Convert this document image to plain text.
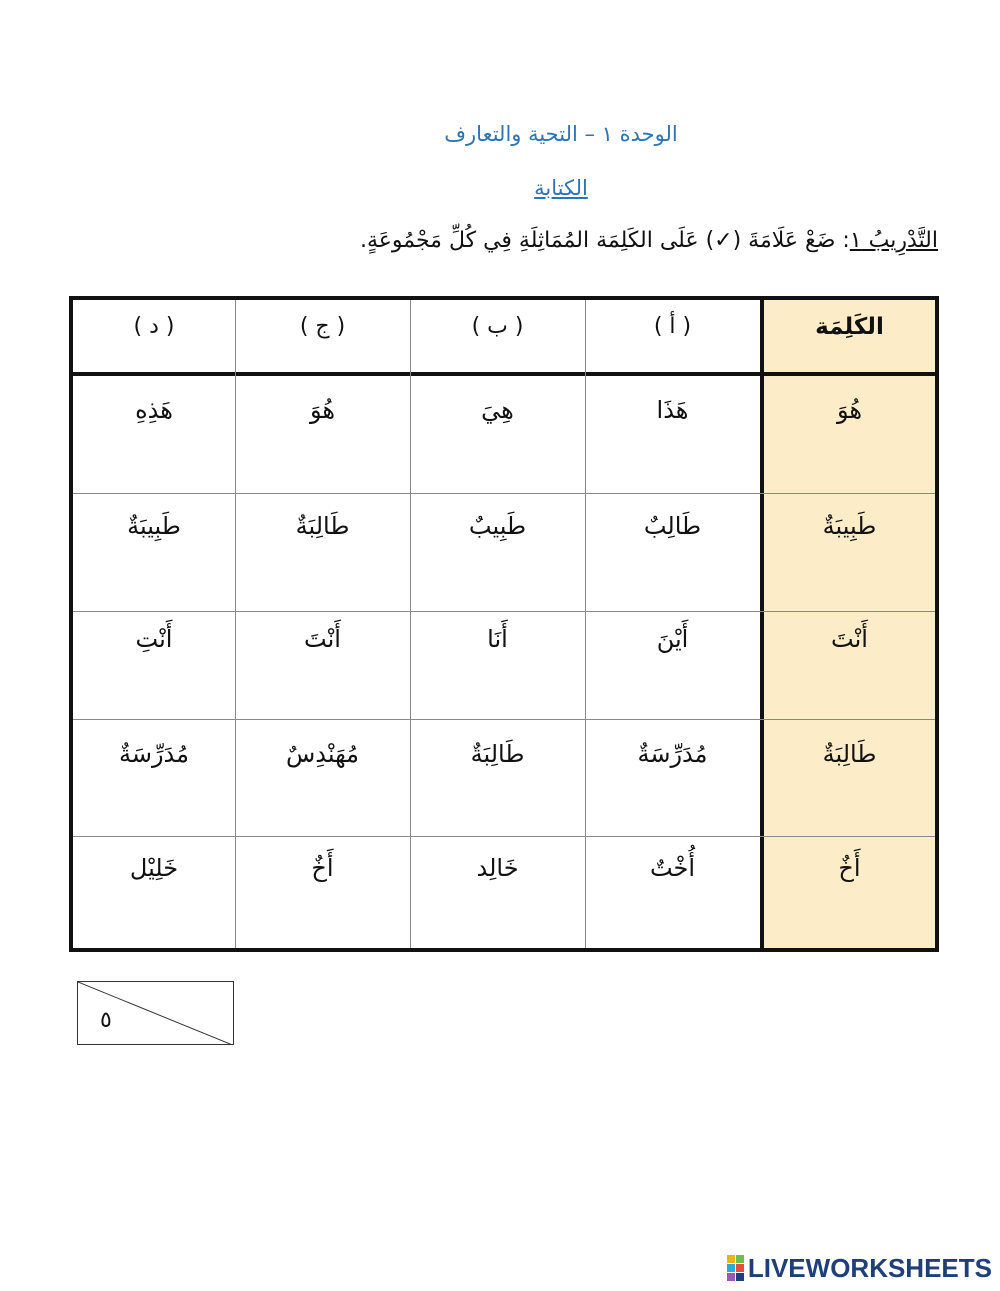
الوحدة ١ – التحية والتعارف
الكتابة
التَّدْرِيبُ ١: ضَعْ عَلَامَةَ (✓) عَلَى الكَلِمَة المُمَاثِلَةِ فِي كُلِّ مَجْمُوعَةٍ.
الكَلِمَة
( أ )
( ب )
( ج )
( د )
هُوَ
هَذَا
هِيَ
هُوَ
هَذِهِ
طَبِيبَةٌ
طَالِبٌ
طَبِيبٌ
طَالِبَةٌ
طَبِيبَةٌ
أَنْتَ
أَيْنَ
أَنَا
أَنْتَ
أَنْتِ
طَالِبَةٌ
مُدَرِّسَةٌ
طَالِبَةٌ
مُهَنْدِسٌ
مُدَرِّسَةٌ
أَخٌ
أُخْتٌ
خَالِد
أَخٌ
خَلِيْل
٥
LIVEWORKSHEETS
